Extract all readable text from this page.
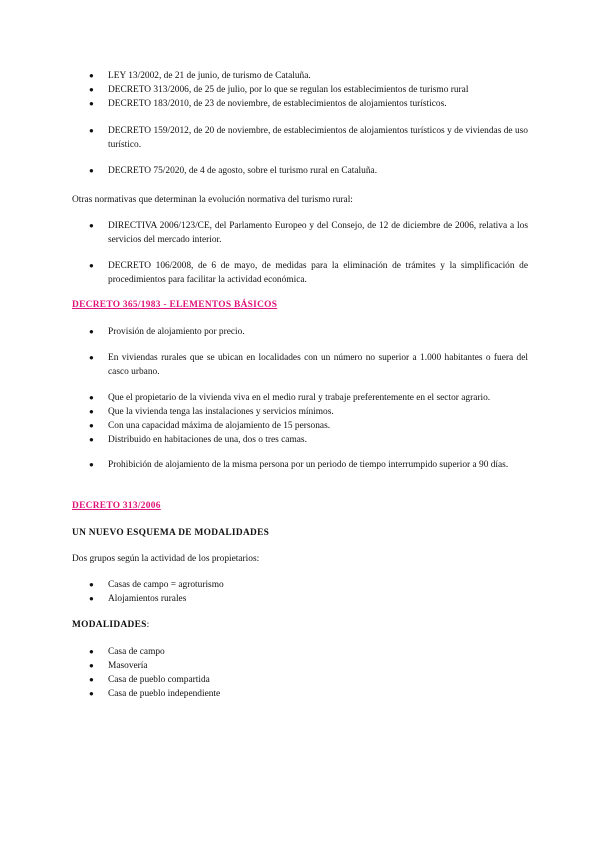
● LEY 13/2002, de 21 de junio, de turismo de Cataluña.
● DECRETO 313/2006, de 25 de julio, por lo que se regulan los establecimientos de turismo rural
● DECRETO 183/2010, de 23 de noviembre, de establecimientos de alojamientos turísticos.
● DECRETO 159/2012, de 20 de noviembre, de establecimientos de alojamientos turísticos y de viviendas de uso turístico.
● DECRETO 75/2020, de 4 de agosto, sobre el turismo rural en Cataluña.
Otras normativas que determinan la evolución normativa del turismo rural:
● DIRECTIVA 2006/123/CE, del Parlamento Europeo y del Consejo, de 12 de diciembre de 2006, relativa a los servicios del mercado interior.
● DECRETO 106/2008, de 6 de mayo, de medidas para la eliminación de trámites y la simplificación de procedimientos para facilitar la actividad económica.
DECRETO 365/1983 - ELEMENTOS BÁSICOS
● Provisión de alojamiento por precio.
● En viviendas rurales que se ubican en localidades con un número no superior a 1.000 habitantes o fuera del casco urbano.
● Que el propietario de la vivienda viva en el medio rural y trabaje preferentemente en el sector agrario.
● Que la vivienda tenga las instalaciones y servicios mínimos.
● Con una capacidad máxima de alojamiento de 15 personas.
● Distribuido en habitaciones de una, dos o tres camas.
● Prohibición de alojamiento de la misma persona por un periodo de tiempo interrumpido superior a 90 días.
DECRETO 313/2006
UN NUEVO ESQUEMA DE MODALIDADES
Dos grupos según la actividad de los propietarios:
● Casas de campo = agroturismo
● Alojamientos rurales
MODALIDADES:
● Casa de campo
● Masovería
● Casa de pueblo compartida
● Casa de pueblo independiente
